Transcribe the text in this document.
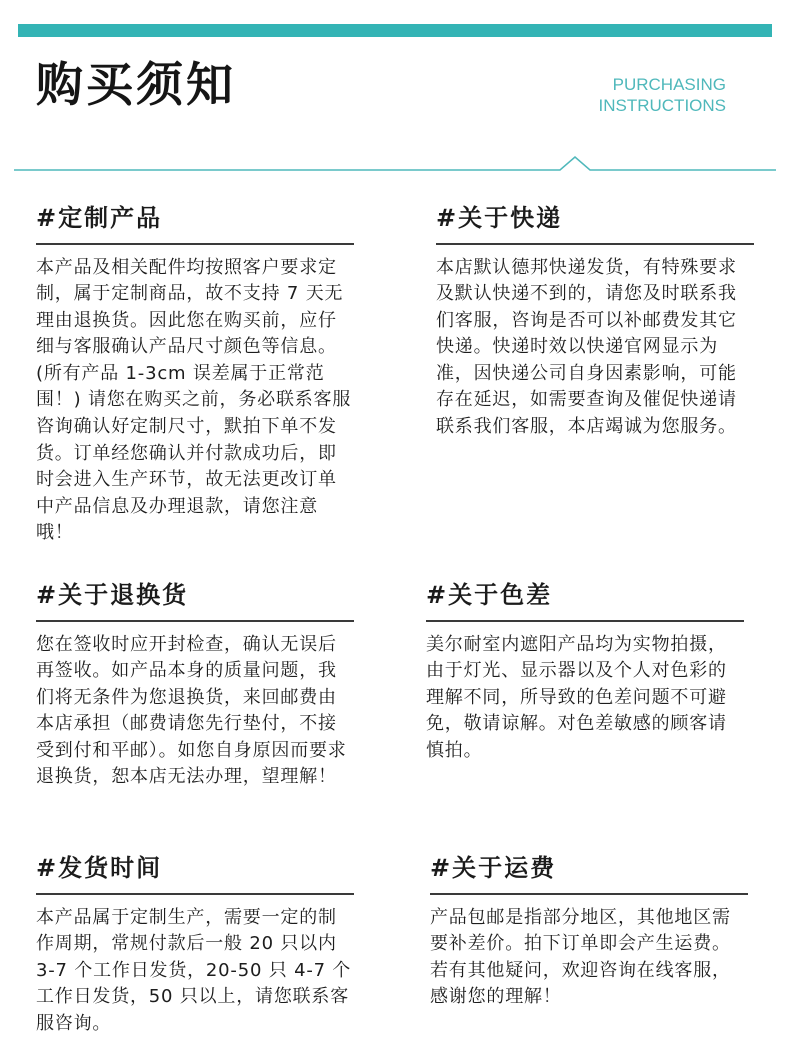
购买须知	PURCHASING
INSTRUCTIONS
#定制产品
本产品及相关配件均按照客户要求定制，属于定制商品，故不支持 7 天无理由退换货。因此您在购买前，应仔细与客服确认产品尺寸颜色等信息。(所有产品 1-3cm 误差属于正常范围！) 请您在购买之前，务必联系客服咨询确认好定制尺寸，默拍下单不发货。订单经您确认并付款成功后，即时会进入生产环节，故无法更改订单中产品信息及办理退款，请您注意哦！
#关于快递
本店默认德邦快递发货，有特殊要求及默认快递不到的，请您及时联系我们客服，咨询是否可以补邮费发其它快递。快递时效以快递官网显示为准，因快递公司自身因素影响，可能存在延迟，如需要查询及催促快递请联系我们客服，本店竭诚为您服务。
#关于退换货
您在签收时应开封检查，确认无误后再签收。如产品本身的质量问题，我们将无条件为您退换货，来回邮费由本店承担（邮费请您先行垫付，不接受到付和平邮）。如您自身原因而要求退换货，恕本店无法办理，望理解！
#关于色差
美尔耐室内遮阳产品均为实物拍摄，由于灯光、显示器以及个人对色彩的理解不同，所导致的色差问题不可避免，敬请谅解。对色差敏感的顾客请慎拍。
#发货时间
本产品属于定制生产，需要一定的制作周期，常规付款后一般 20 只以内 3-7 个工作日发货，20-50 只 4-7 个工作日发货，50 只以上，请您联系客服咨询。
#关于运费
产品包邮是指部分地区，其他地区需要补差价。拍下订单即会产生运费。若有其他疑问，欢迎咨询在线客服，感谢您的理解！
